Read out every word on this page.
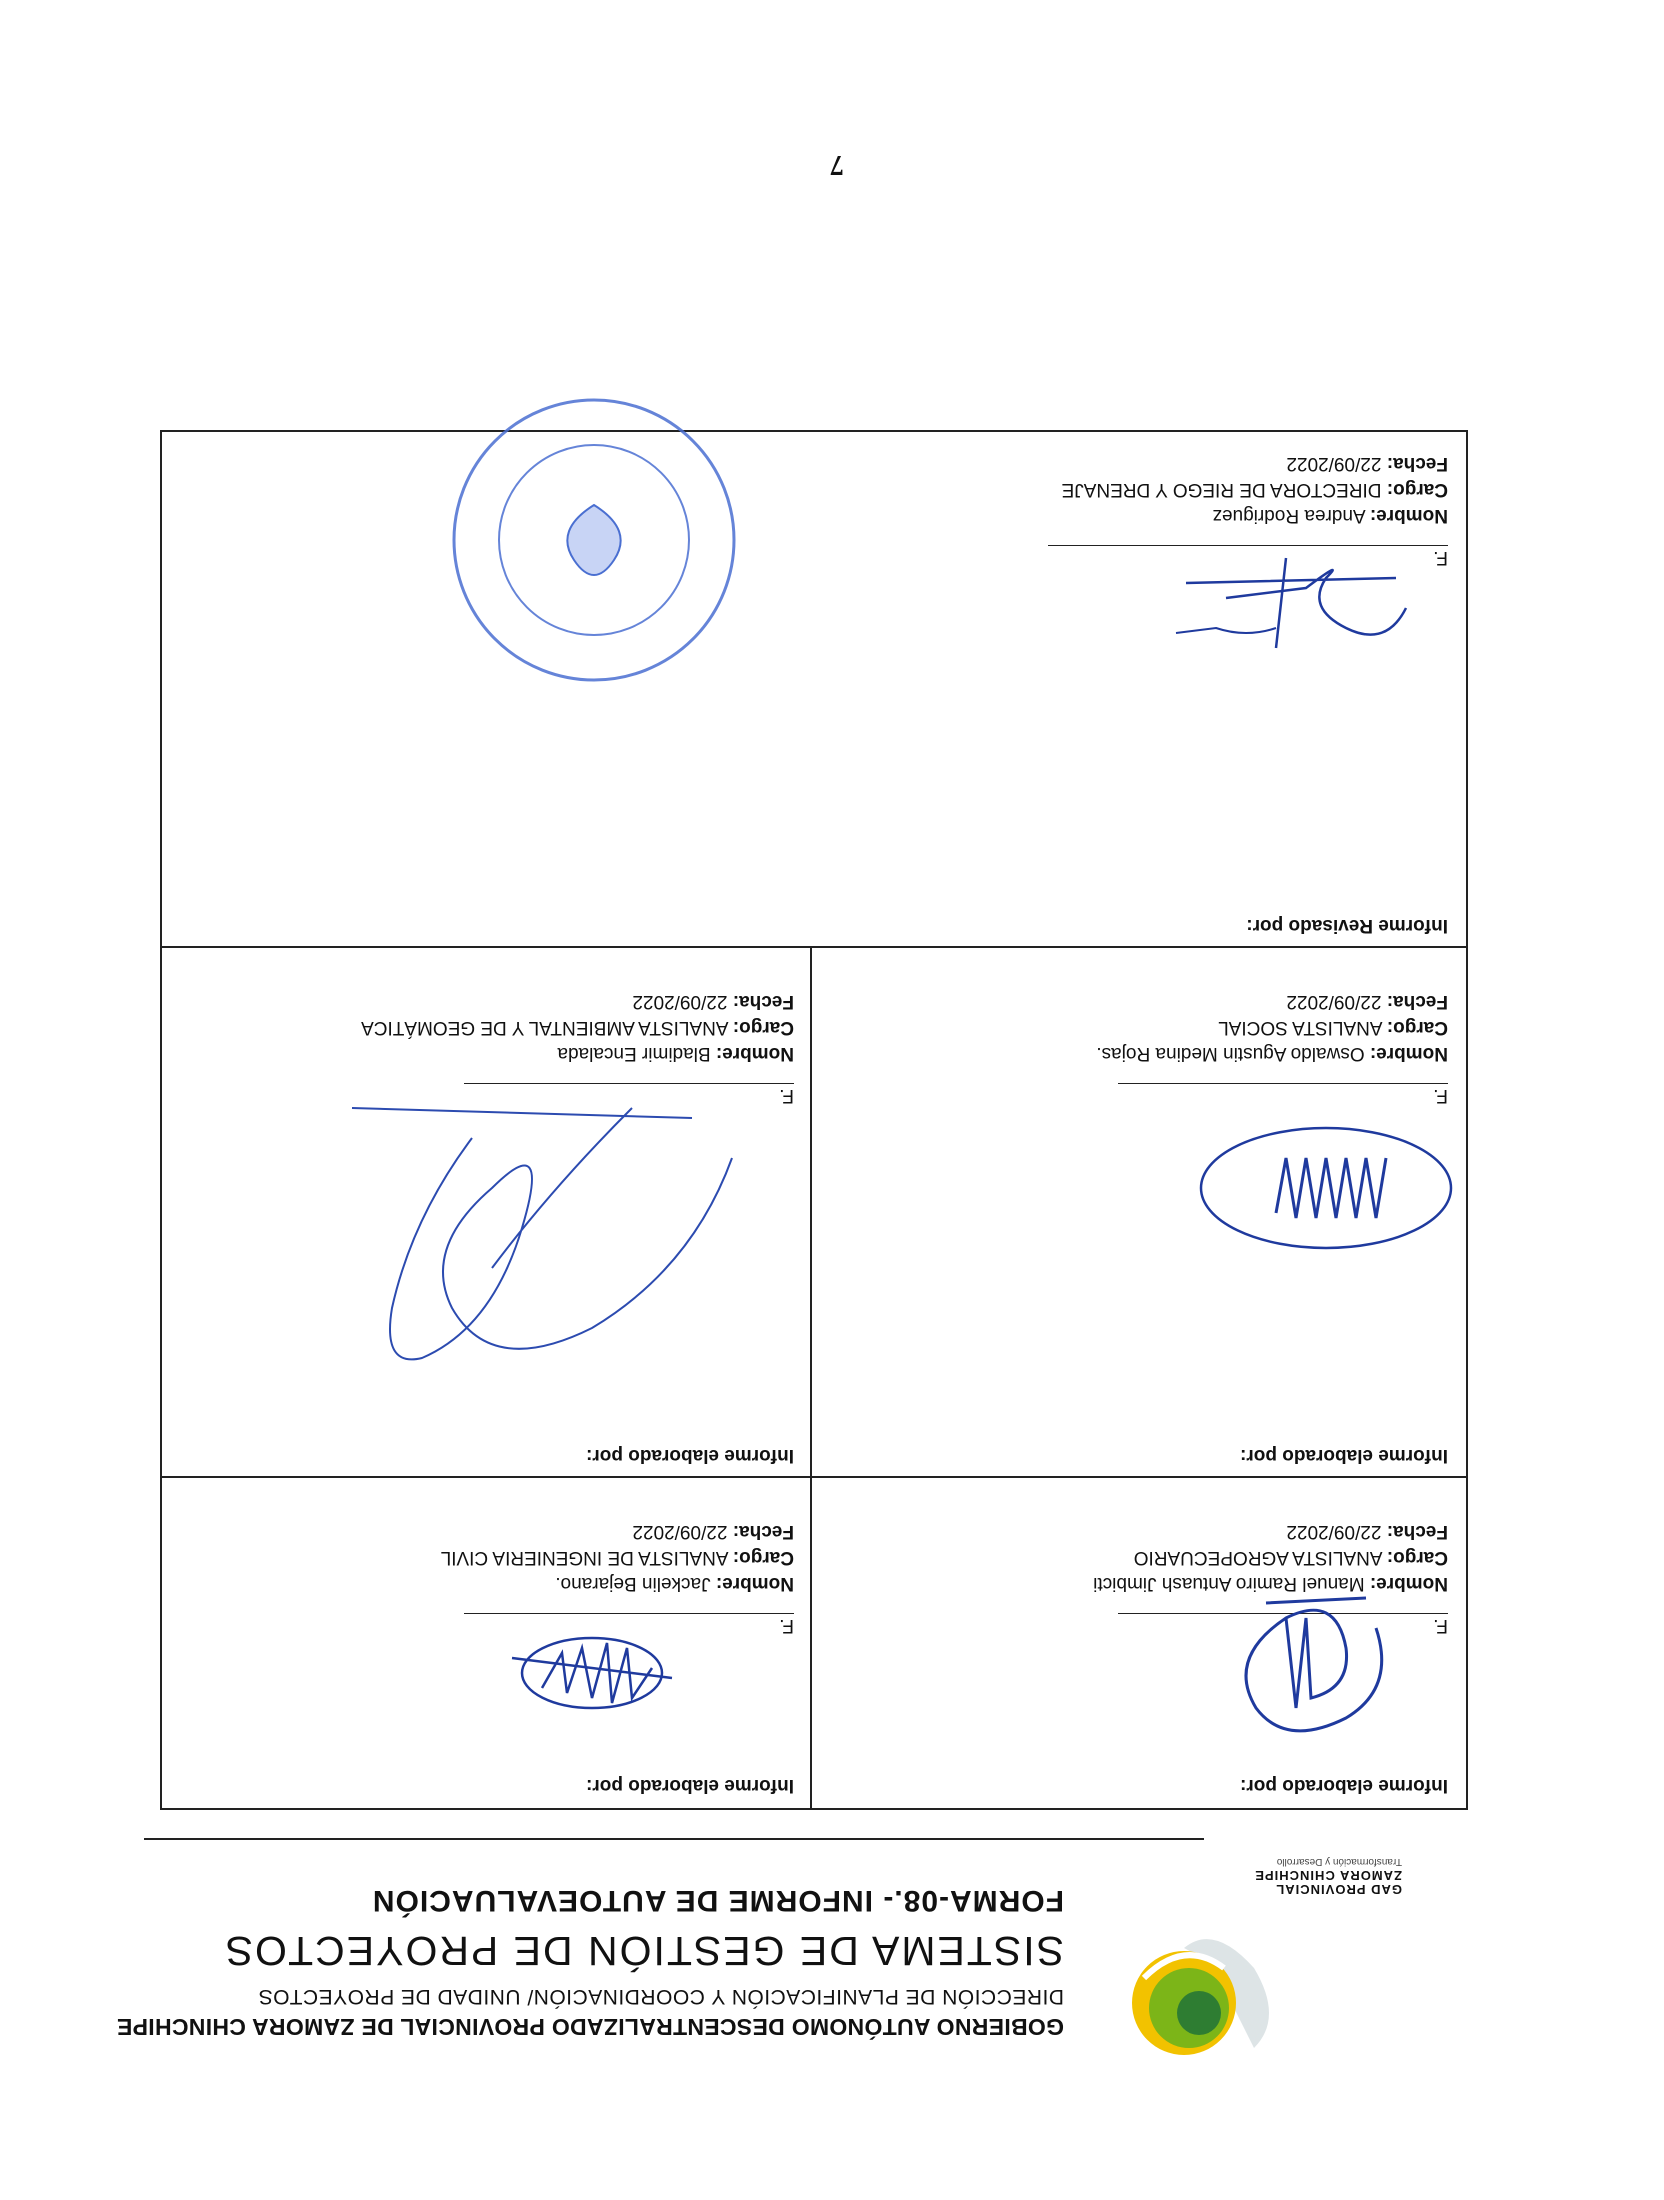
GAD PROVINCIAL
ZAMORA CHINCHIPE
Transformación y Desarrollo
GOBIERNO AUTÓNOMO DESCENTRALIZADO PROVINCIAL DE ZAMORA CHINCHIPE
DIRECCIÓN DE PLANIFICACIÓN Y COORDINACIÓN/ UNIDAD DE PROYECTOS
SISTEMA DE GESTIÓN DE PROYECTOS
FORMA-08.- INFORME DE AUTOEVALUACIÓN
Informe elaborado por:
F.
Nombre: Manuel Ramiro Antuash Jimbicti
Cargo: ANALISTA AGROPECUARIO
Fecha: 22/09/2022
Informe elaborado por:
F.
Nombre: Jackelin Bejarano.
Cargo: ANALISTA DE INGENIERIA CIVIL
Fecha: 22/09/2022
Informe elaborado por:
F.
Nombre: Oswaldo Agustin Medina Rojas.
Cargo: ANALISTA SOCIAL
Fecha: 22/09/2022
Informe elaborado por:
F.
Nombre: Bladimir Encalada
Cargo: ANALISTA AMBIENTAL Y DE GEOMÁTICA
Fecha: 22/09/2022
Informe Revisado por:
F.
Nombre: Andrea Rodriguez
Cargo: DIRECTORA DE RIEGO Y DRENAJE
Fecha: 22/09/2022
7
